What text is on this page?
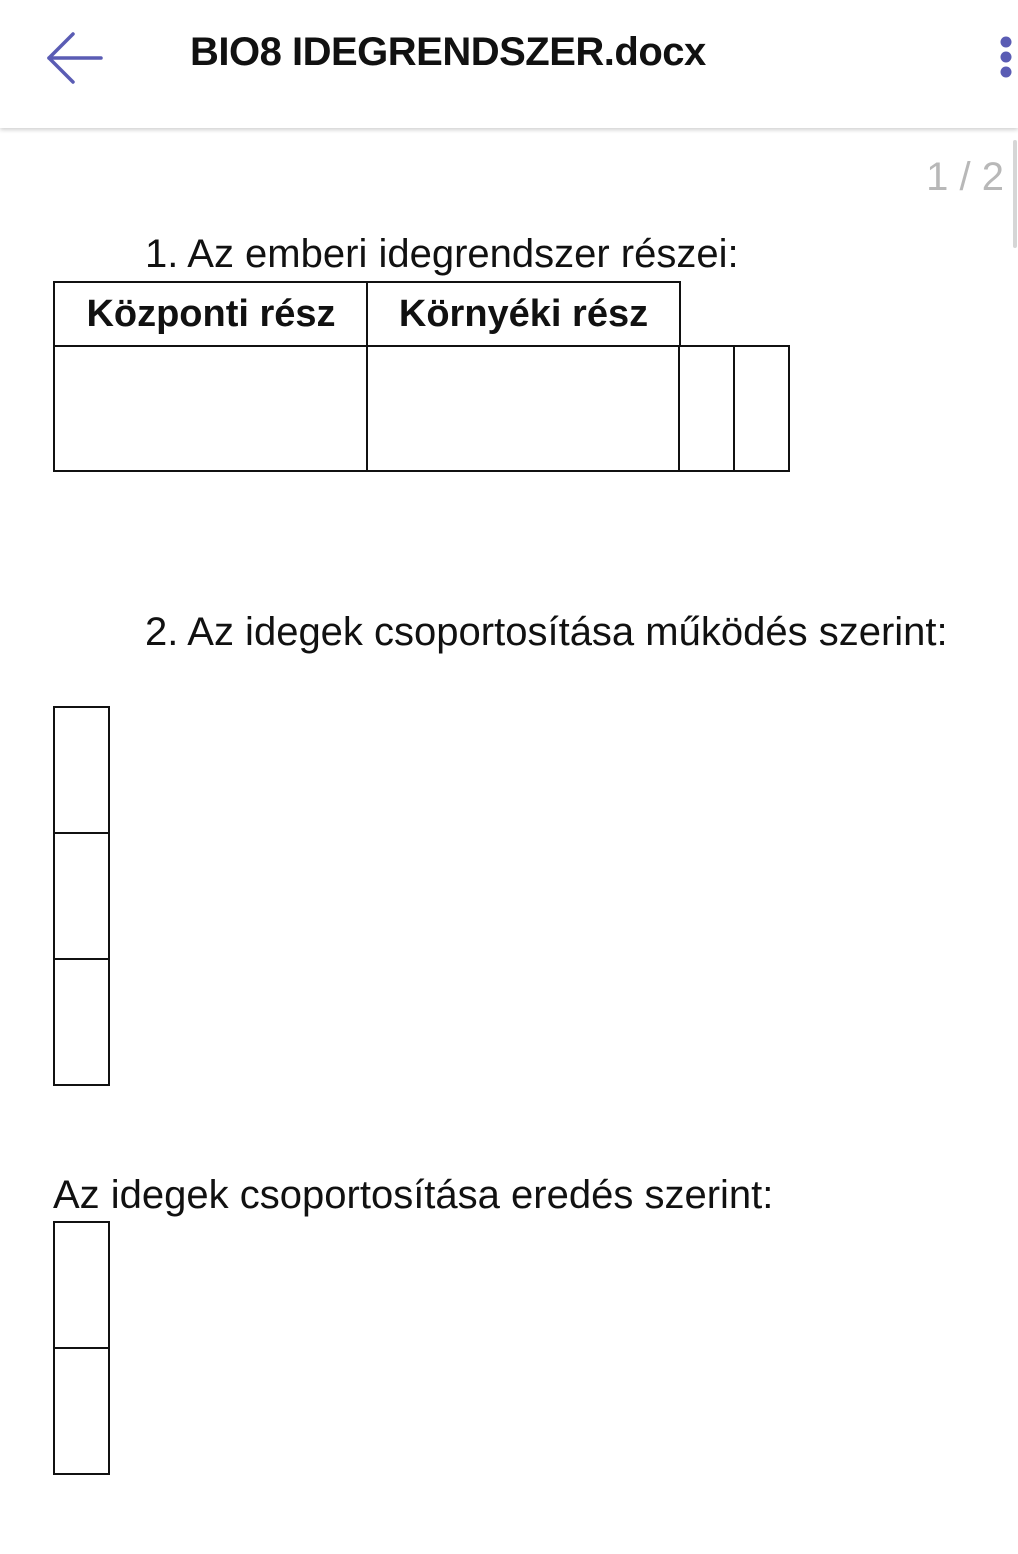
BIO8 IDEGRENDSZER.docx
1 / 2
1. Az emberi idegrendszer részei:
Központi rész	Környéki rész
2. Az idegek csoportosítása működés szerint:
Az idegek csoportosítása eredés szerint:
